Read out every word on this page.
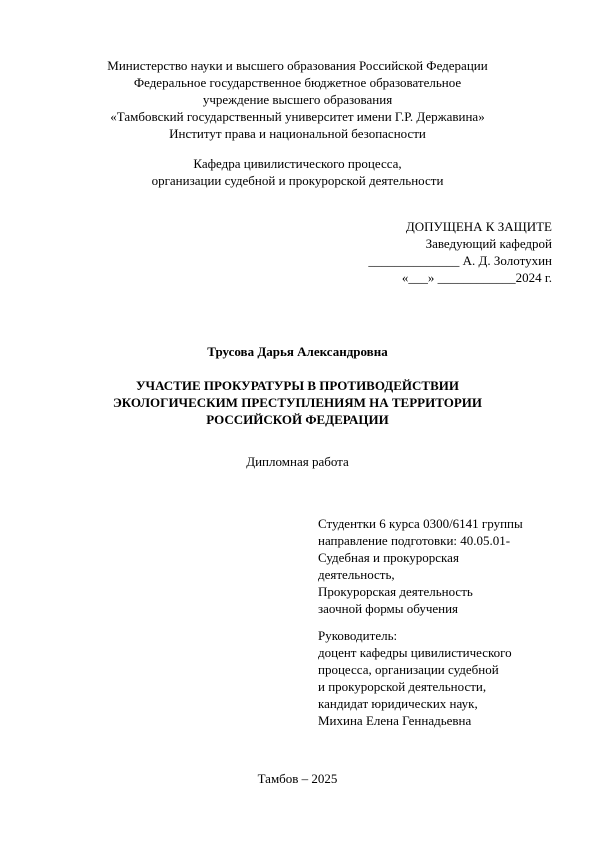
Министерство науки и высшего образования Российской Федерации
Федеральное государственное бюджетное образовательное
учреждение высшего образования
«Тамбовский государственный университет имени Г.Р. Державина»
Институт права и национальной безопасности
Кафедра цивилистического процесса,
организации судебной и прокурорской деятельности
ДОПУЩЕНА К ЗАЩИТЕ
Заведующий кафедрой
______________ А. Д. Золотухин
«___» ____________2024 г.
Трусова Дарья Александровна
УЧАСТИЕ ПРОКУРАТУРЫ В ПРОТИВОДЕЙСТВИИ
ЭКОЛОГИЧЕСКИМ ПРЕСТУПЛЕНИЯМ НА ТЕРРИТОРИИ
РОССИЙСКОЙ ФЕДЕРАЦИИ
Дипломная работа
Студентки 6 курса 0300/6141 группы
направление подготовки: 40.05.01-
Судебная и прокурорская
деятельность,
Прокурорская деятельность
заочной формы обучения
Руководитель:
доцент кафедры цивилистического
процесса, организации судебной
и прокурорской деятельности,
кандидат юридических наук,
Михина Елена Геннадьевна
Тамбов – 2025
